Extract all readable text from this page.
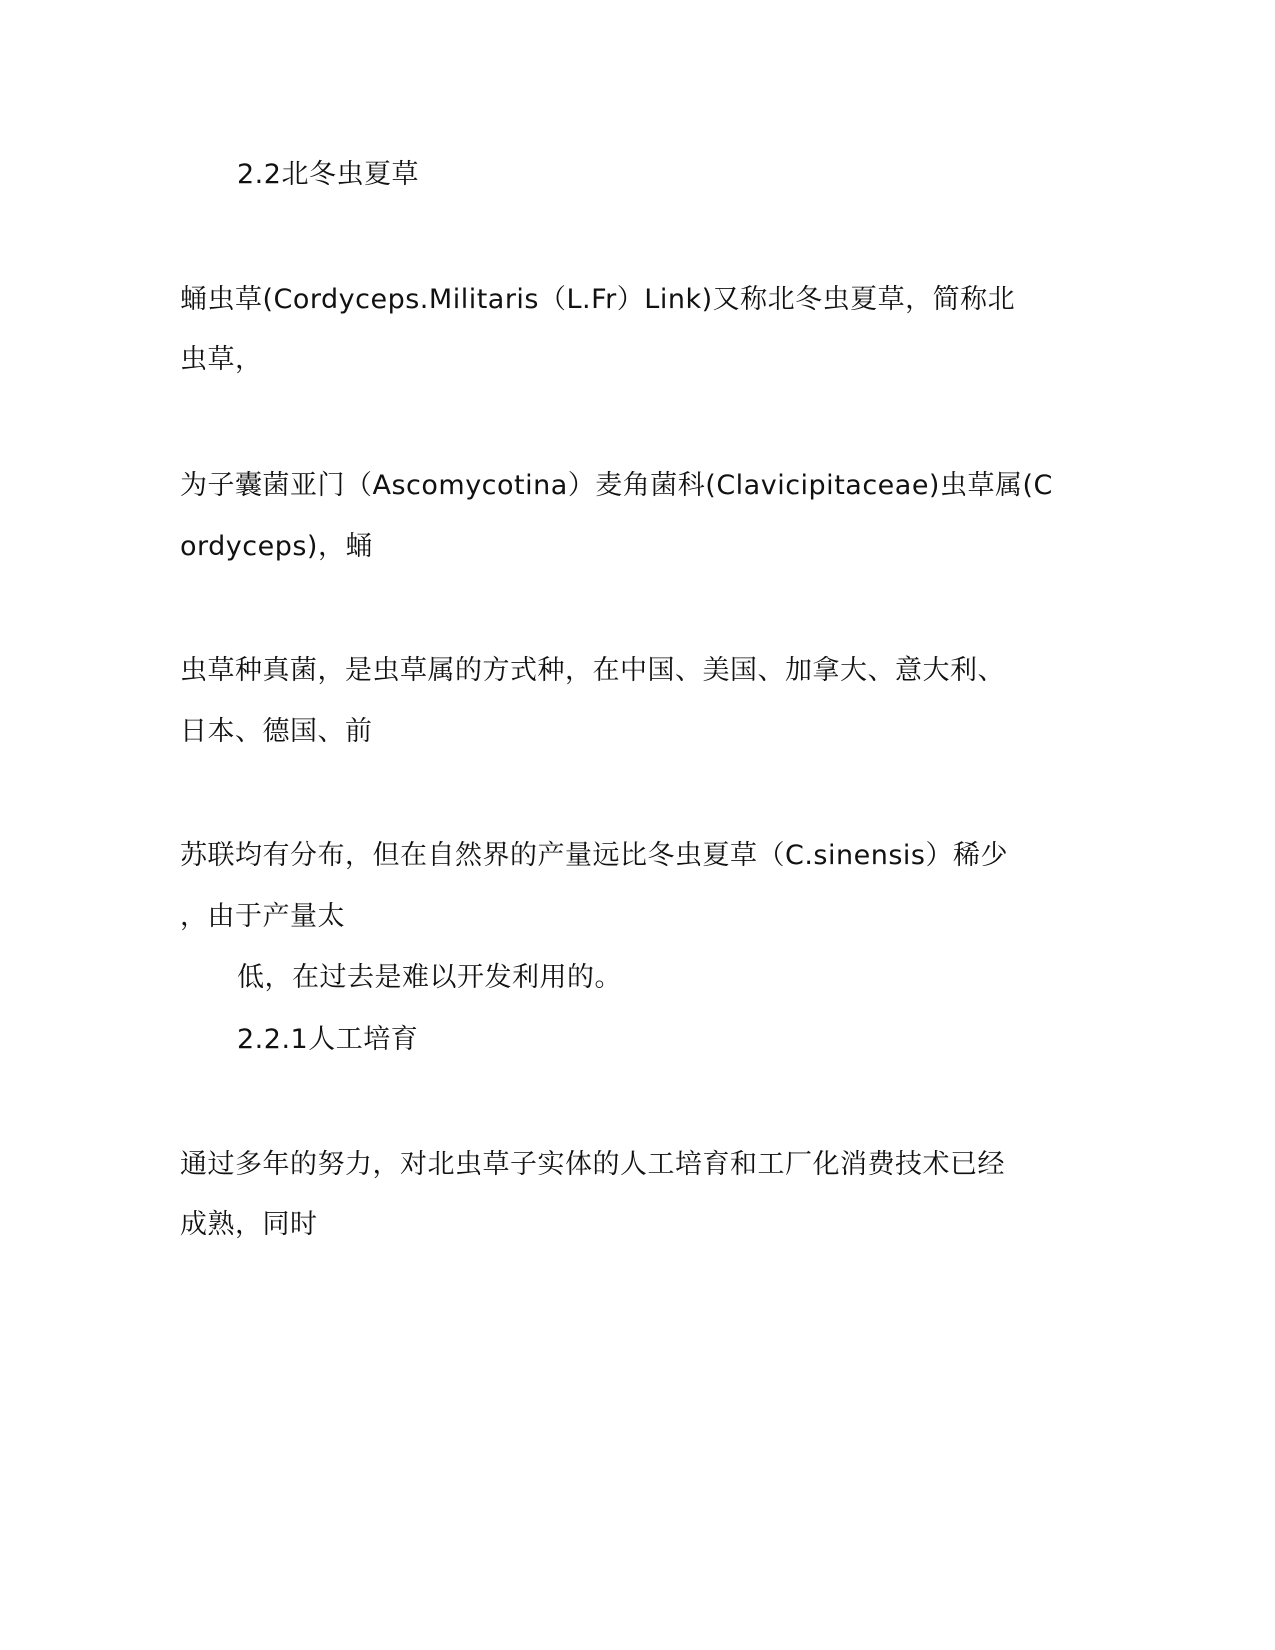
2.2北冬虫夏草
蛹虫草(Cordyceps.Militaris（L.Fr）Link)又称北冬虫夏草，简称北
虫草，
为子囊菌亚门（Ascomycotina）麦角菌科(Clavicipitaceae)虫草属(C
ordyceps)，蛹
虫草种真菌，是虫草属的方式种，在中国、美国、加拿大、意大利、
日本、德国、前
苏联均有分布，但在自然界的产量远比冬虫夏草（C.sinensis）稀少
，由于产量太
低，在过去是难以开发利用的。
2.2.1人工培育
通过多年的努力，对北虫草子实体的人工培育和工厂化消费技术已经
成熟，同时
